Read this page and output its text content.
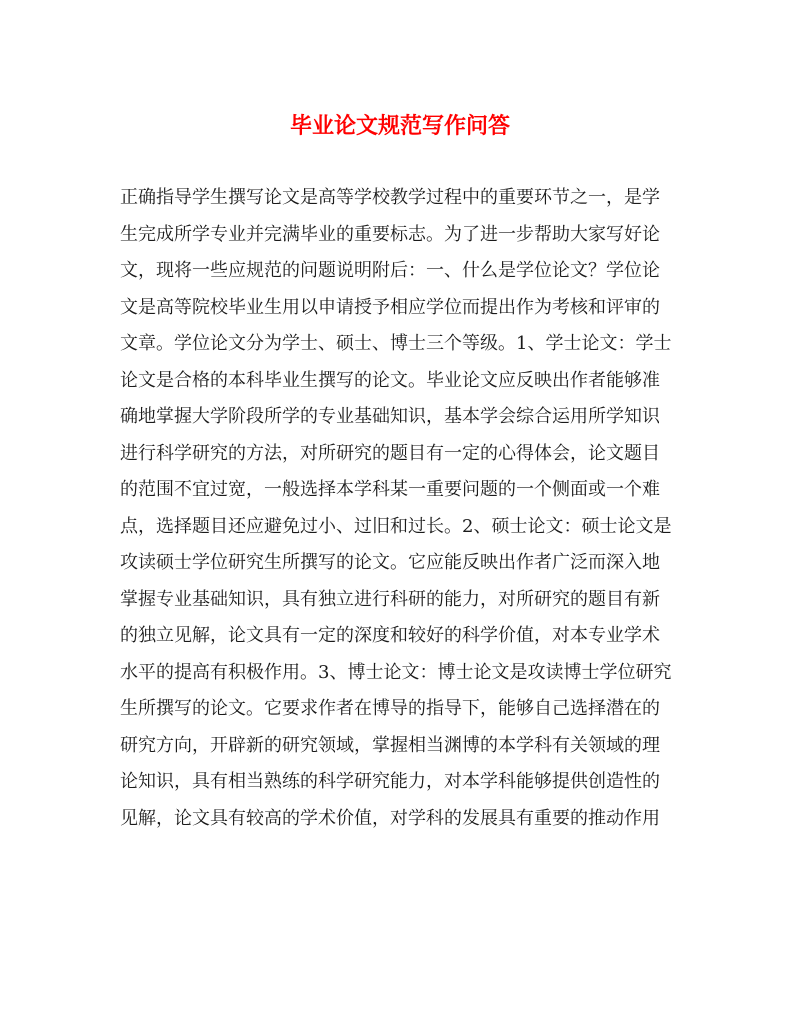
毕业论文规范写作问答
正确指导学生撰写论文是高等学校教学过程中的重要环节之一，是学
生完成所学专业并完满毕业的重要标志。为了进一步帮助大家写好论
文，现将一些应规范的问题说明附后：一、什么是学位论文？学位论
文是高等院校毕业生用以申请授予相应学位而提出作为考核和评审的
文章。学位论文分为学士、硕士、博士三个等级。1、学士论文：学士
论文是合格的本科毕业生撰写的论文。毕业论文应反映出作者能够准
确地掌握大学阶段所学的专业基础知识，基本学会综合运用所学知识
进行科学研究的方法，对所研究的题目有一定的心得体会，论文题目
的范围不宜过宽，一般选择本学科某一重要问题的一个侧面或一个难
点，选择题目还应避免过小、过旧和过长。2、硕士论文：硕士论文是
攻读硕士学位研究生所撰写的论文。它应能反映出作者广泛而深入地
掌握专业基础知识，具有独立进行科研的能力，对所研究的题目有新
的独立见解，论文具有一定的深度和较好的科学价值，对本专业学术
水平的提高有积极作用。3、博士论文：博士论文是攻读博士学位研究
生所撰写的论文。它要求作者在博导的指导下，能够自己选择潜在的
研究方向，开辟新的研究领域，掌握相当渊博的本学科有关领域的理
论知识，具有相当熟练的科学研究能力，对本学科能够提供创造性的
见解，论文具有较高的学术价值，对学科的发展具有重要的推动作用
